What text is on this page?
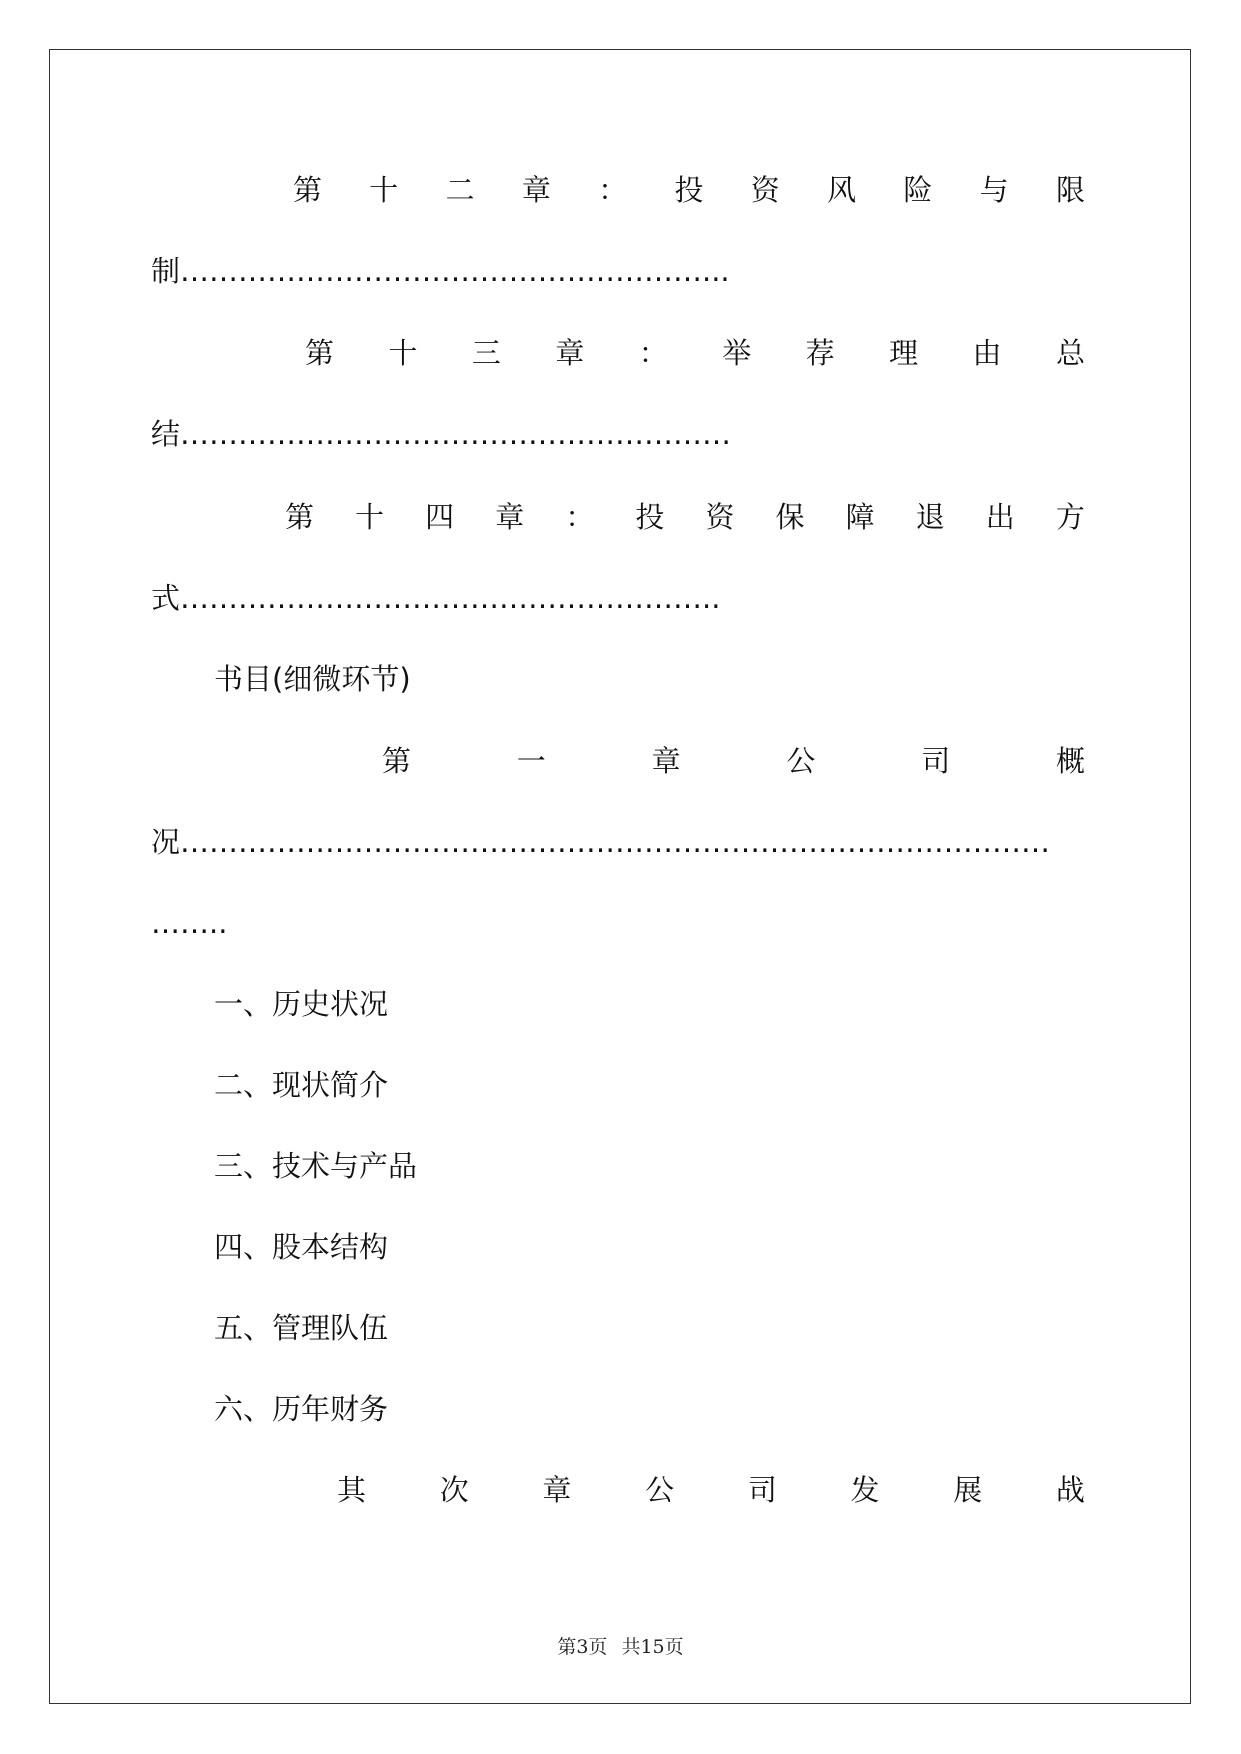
第 十 二 章 ： 投 资 风 险 与 限
制………………………………………………...
第 十 三 章 ： 举 荐 理 由 总
结…………………………………………………
第 十 四 章 ： 投 资 保 障 退 出 方
式………………………………………………..
书目(细微环节)
第	一	章	公	司	概
况………………………………………………………………………………
……..
一、历史状况
二、现状简介
三、技术与产品
四、股本结构
五、管理队伍
六、历年财务
其	次	章	公	司	发	展	战
第3页 共15页
